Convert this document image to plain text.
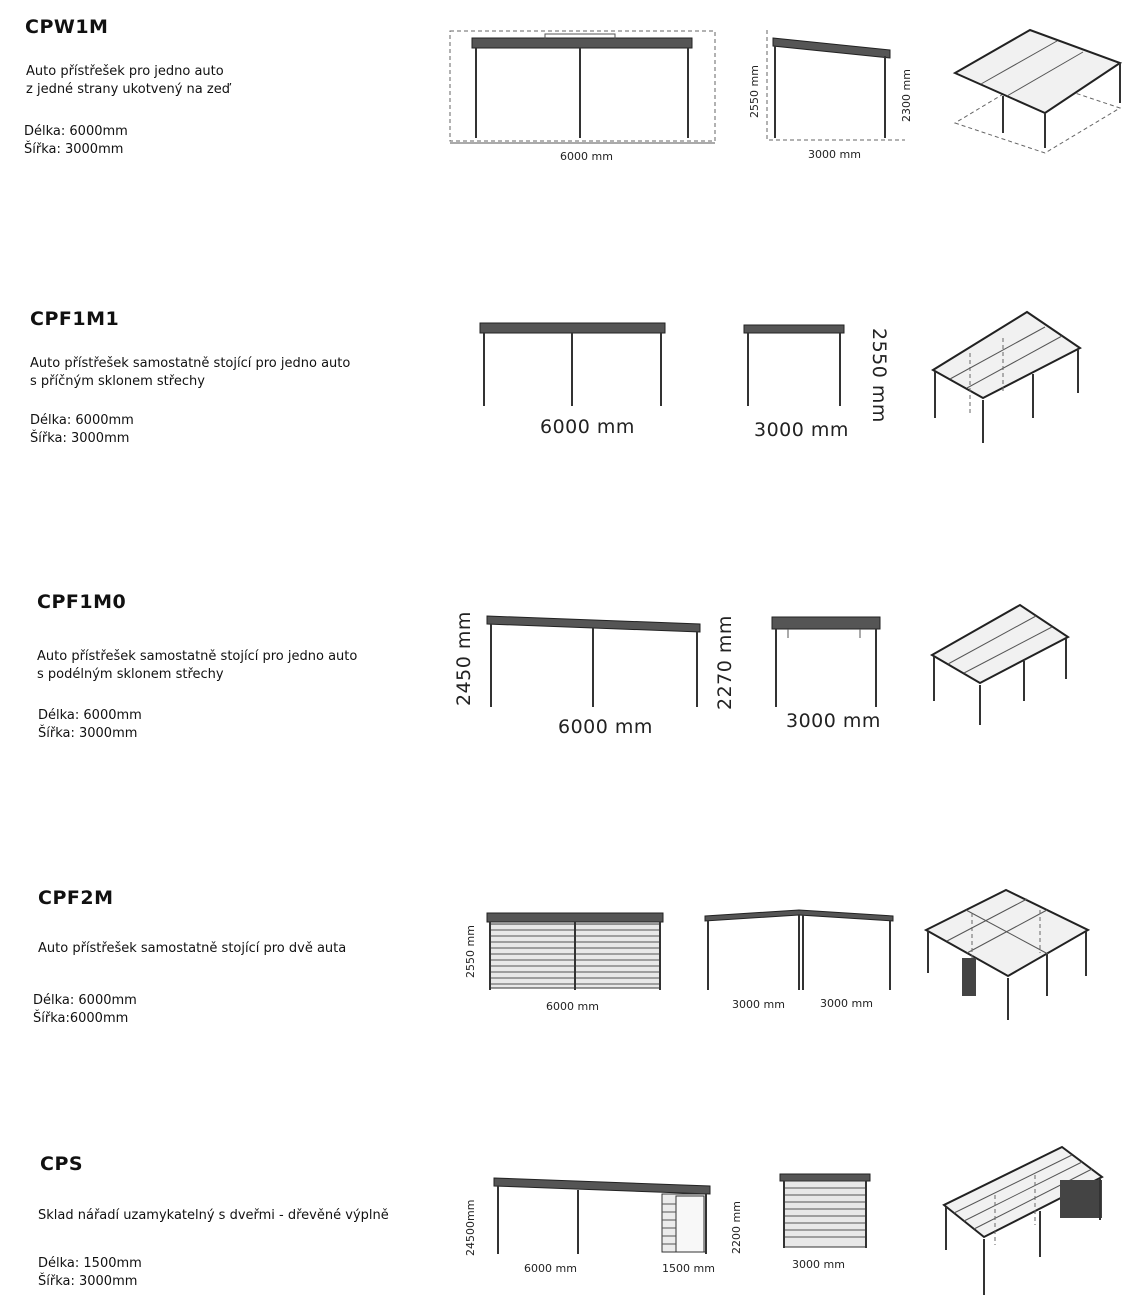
CPW1M
Auto přístřešek pro jedno auto
z jedné strany ukotvený na zeď
Délka: 6000mm
Šířka: 3000mm	6000 mm
2550 mm
3000 mm
2300 mm
CPF1M1
Auto přístřešek samostatně stojící pro jedno auto
s příčným sklonem střechy
Délka: 6000mm
Šířka: 3000mm
6000 mm	3000 mm
2550 mm
CPF1M0
Auto přístřešek samostatně stojící pro jedno auto
s podélným sklonem střechy
Délka: 6000mm
Šířka: 3000mm
2450 mm
6000 mm
2270 mm
3000 mm
CPF2M
Auto přístřešek samostatně stojící pro dvě auta
Délka: 6000mm
Šířka:6000mm
2550 mm
6000 mm	3000 mm	3000 mm
CPS
Sklad nářadí uzamykatelný s dveřmi - dřevěné výplně
Délka: 1500mm
Šířka: 3000mm
24500mm
6000 mm	1500 mm
2200 mm
3000 mm
